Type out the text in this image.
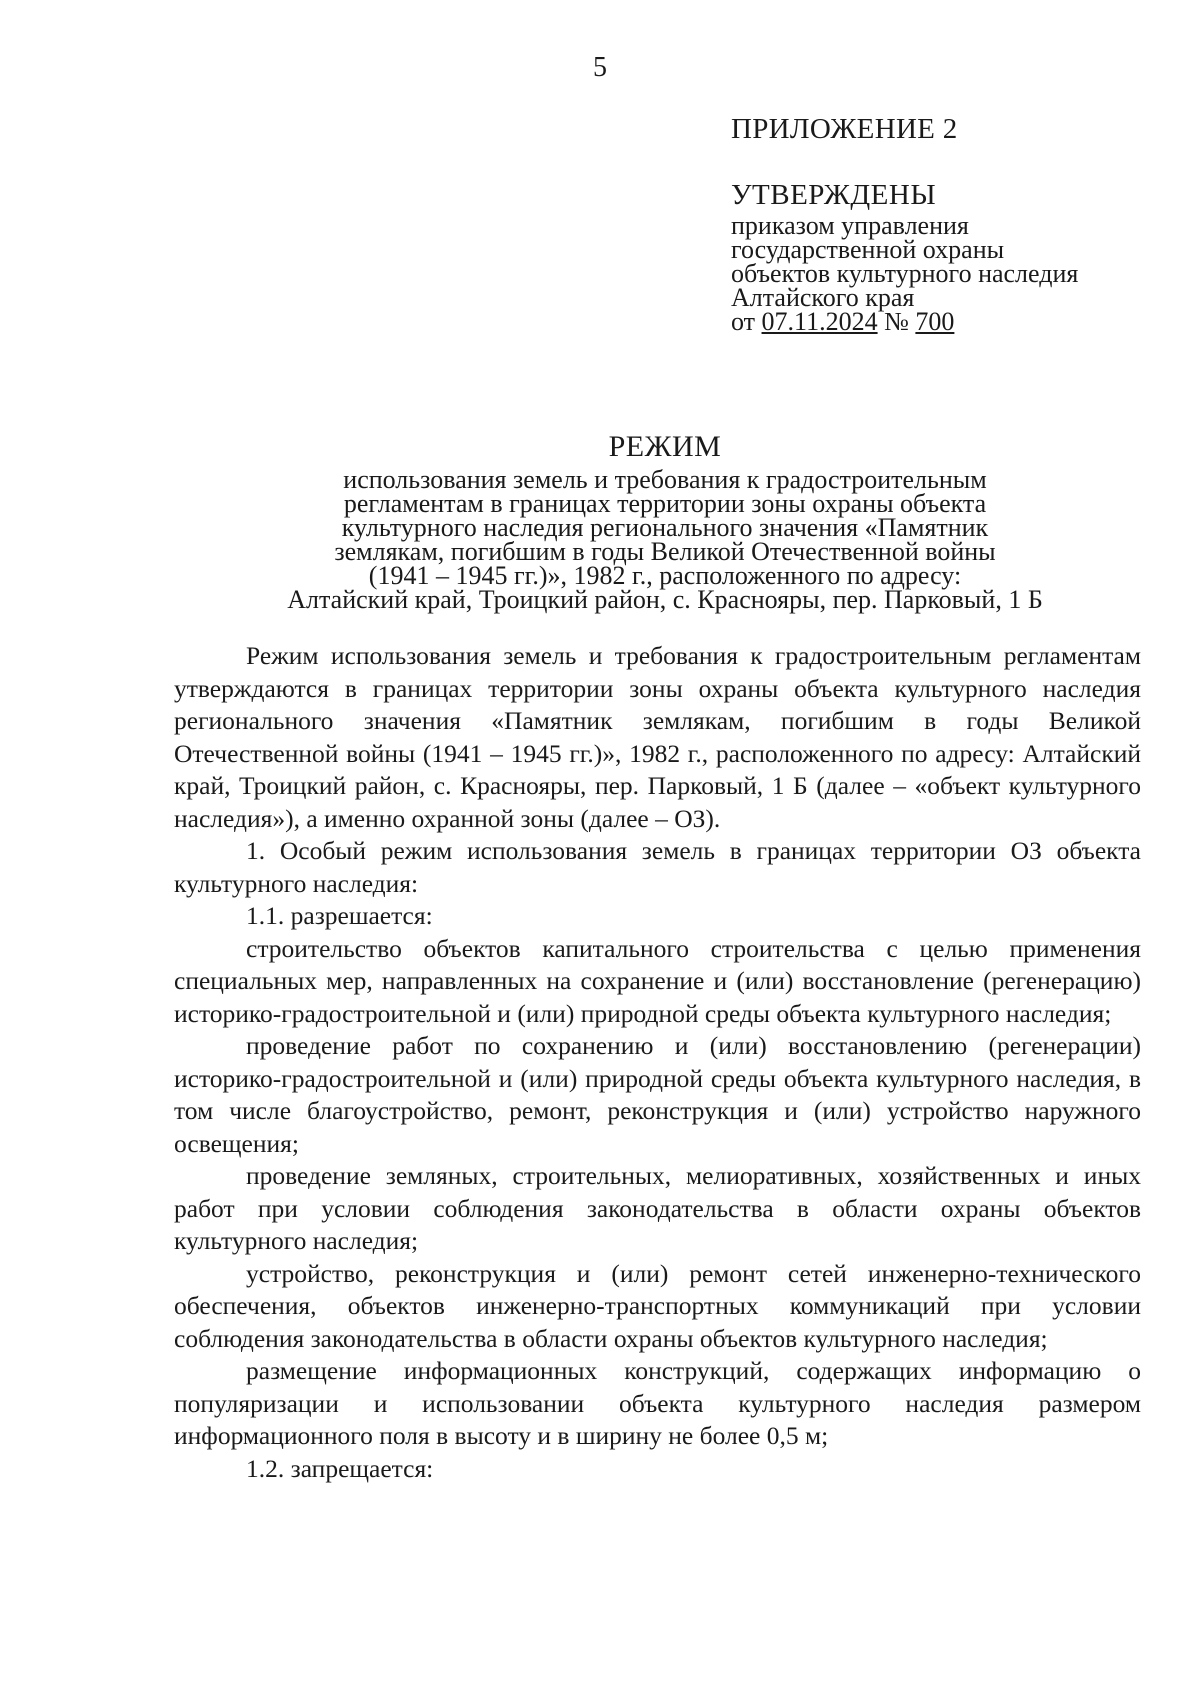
5
ПРИЛОЖЕНИЕ 2
УТВЕРЖДЕНЫ
приказом управления
государственной охраны
объектов культурного наследия
Алтайского края
от 07.11.2024 № 700
РЕЖИМ
использования земель и требования к градостроительным
регламентам в границах территории зоны охраны объекта
культурного наследия регионального значения «Памятник
землякам, погибшим в годы Великой Отечественной войны
(1941 – 1945 гг.)», 1982 г., расположенного по адресу:
Алтайский край, Троицкий район, с. Краснояры, пер. Парковый, 1 Б

Режим использования земель и требования к градостроительным регламентам утверждаются в границах территории зоны охраны объекта культурного наследия регионального значения «Памятник землякам, погибшим в годы Великой Отечественной войны (1941 – 1945 гг.)», 1982 г., расположенного по адресу: Алтайский край, Троицкий район, с. Краснояры, пер. Парковый, 1 Б (далее – «объект культурного наследия»), а именно охранной зоны (далее – ОЗ).

1. Особый режим использования земель в границах территории ОЗ объекта культурного наследия:

1.1. разрешается:

строительство объектов капитального строительства с целью применения специальных мер, направленных на сохранение и (или) восстановление (регенерацию) историко-градостроительной и (или) природной среды объекта культурного наследия;

проведение работ по сохранению и (или) восстановлению (регенерации) историко-градостроительной и (или) природной среды объекта культурного наследия, в том числе благоустройство, ремонт, реконструкция и (или) устройство наружного освещения;

проведение земляных, строительных, мелиоративных, хозяйственных и иных работ при условии соблюдения законодательства в области охраны объектов культурного наследия;

устройство, реконструкция и (или) ремонт сетей инженерно-технического обеспечения, объектов инженерно-транспортных коммуникаций при условии соблюдения законодательства в области охраны объектов культурного наследия;

размещение информационных конструкций, содержащих информацию о популяризации и использовании объекта культурного наследия размером информационного поля в высоту и в ширину не более 0,5 м;

1.2. запрещается:
